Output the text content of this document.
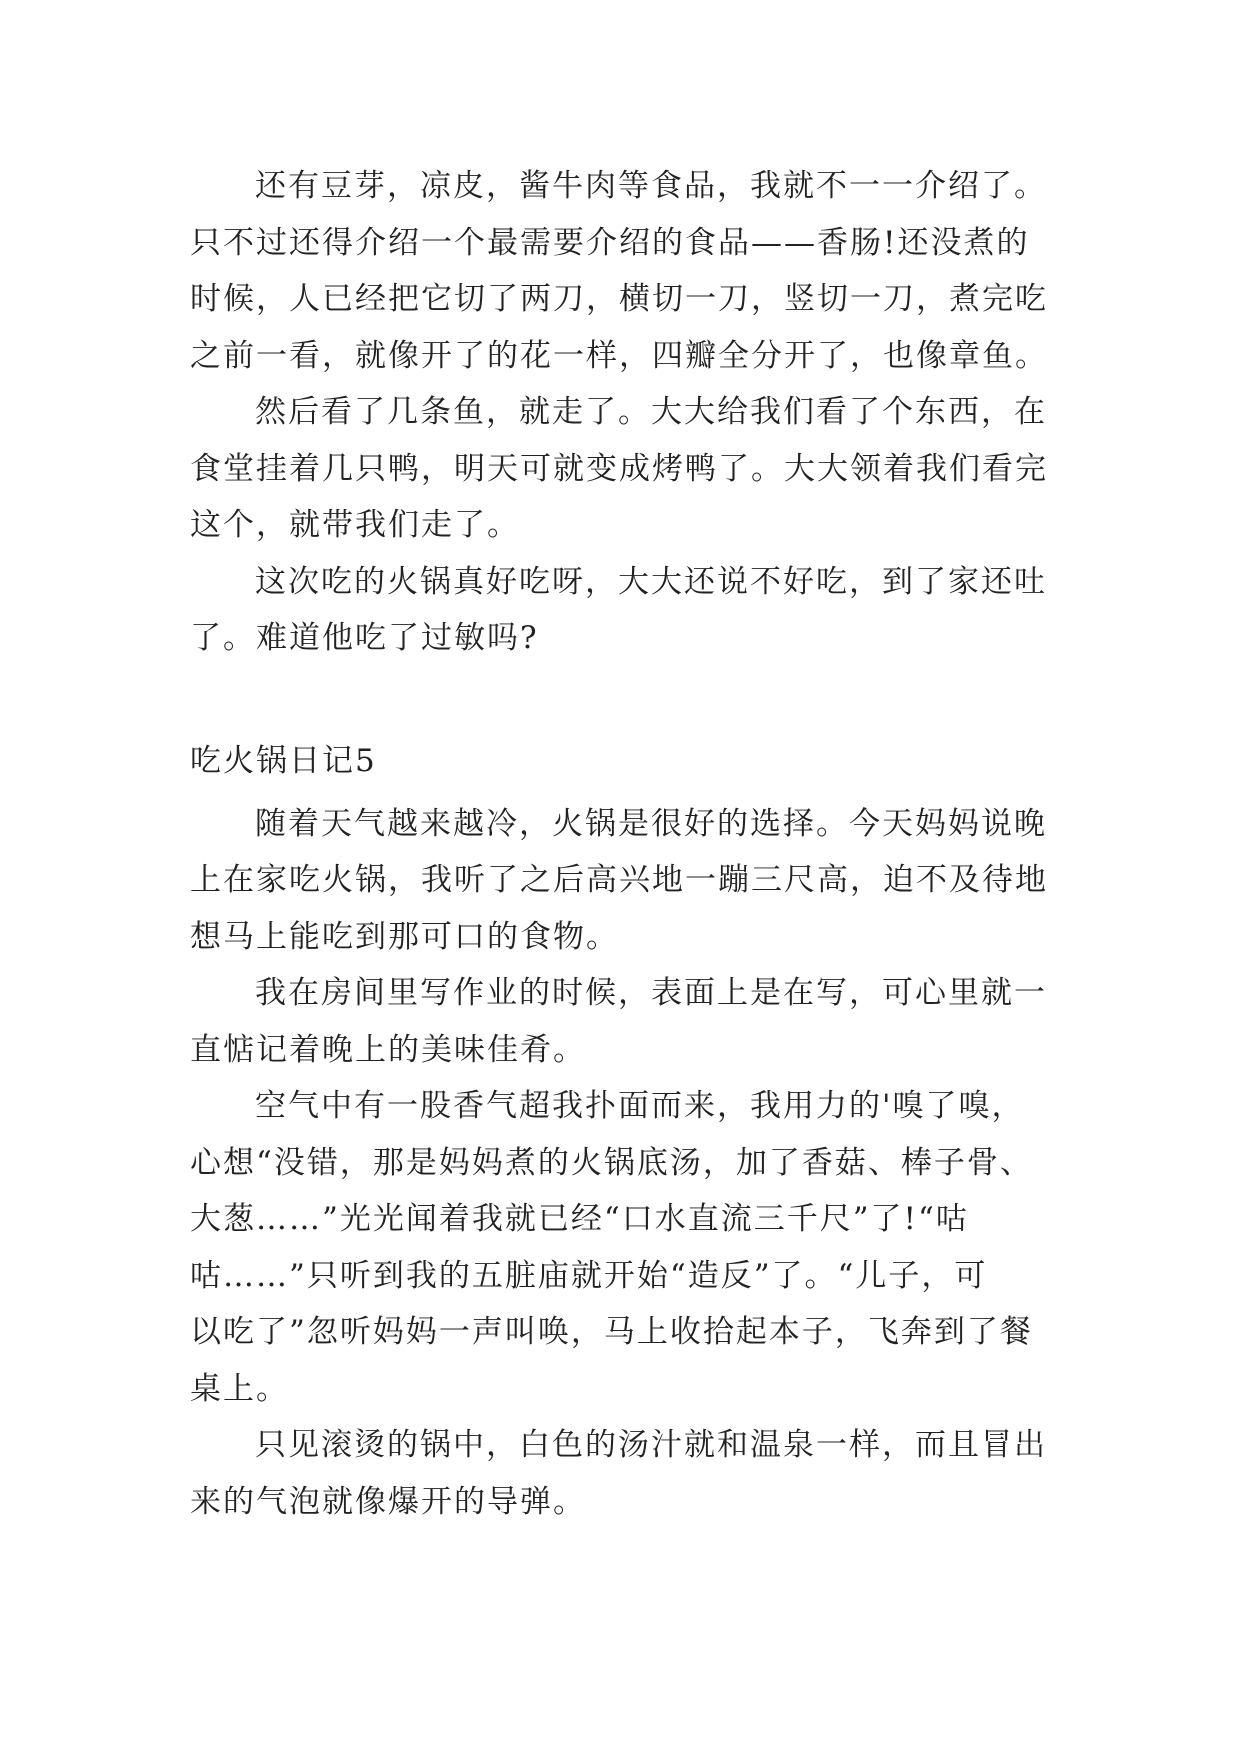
还有豆芽，凉皮，酱牛肉等食品，我就不一一介绍了。
只不过还得介绍一个最需要介绍的食品——香肠!还没煮的
时候，人已经把它切了两刀，横切一刀，竖切一刀，煮完吃
之前一看，就像开了的花一样，四瓣全分开了，也像章鱼。
然后看了几条鱼，就走了。大大给我们看了个东西，在
食堂挂着几只鸭，明天可就变成烤鸭了。大大领着我们看完
这个，就带我们走了。
这次吃的火锅真好吃呀，大大还说不好吃，到了家还吐
了。难道他吃了过敏吗?
吃火锅日记5
随着天气越来越冷，火锅是很好的选择。今天妈妈说晚
上在家吃火锅，我听了之后高兴地一蹦三尺高，迫不及待地
想马上能吃到那可口的食物。
我在房间里写作业的时候，表面上是在写，可心里就一
直惦记着晚上的美味佳肴。
空气中有一股香气超我扑面而来，我用力的'嗅了嗅，
心想“没错，那是妈妈煮的火锅底汤，加了香菇、棒子骨、
大葱……”光光闻着我就已经“口水直流三千尺”了!“咕
咕……”只听到我的五脏庙就开始“造反”了。“儿子，可
以吃了”忽听妈妈一声叫唤，马上收拾起本子，飞奔到了餐
桌上。
只见滚烫的锅中，白色的汤汁就和温泉一样，而且冒出
来的气泡就像爆开的导弹。
